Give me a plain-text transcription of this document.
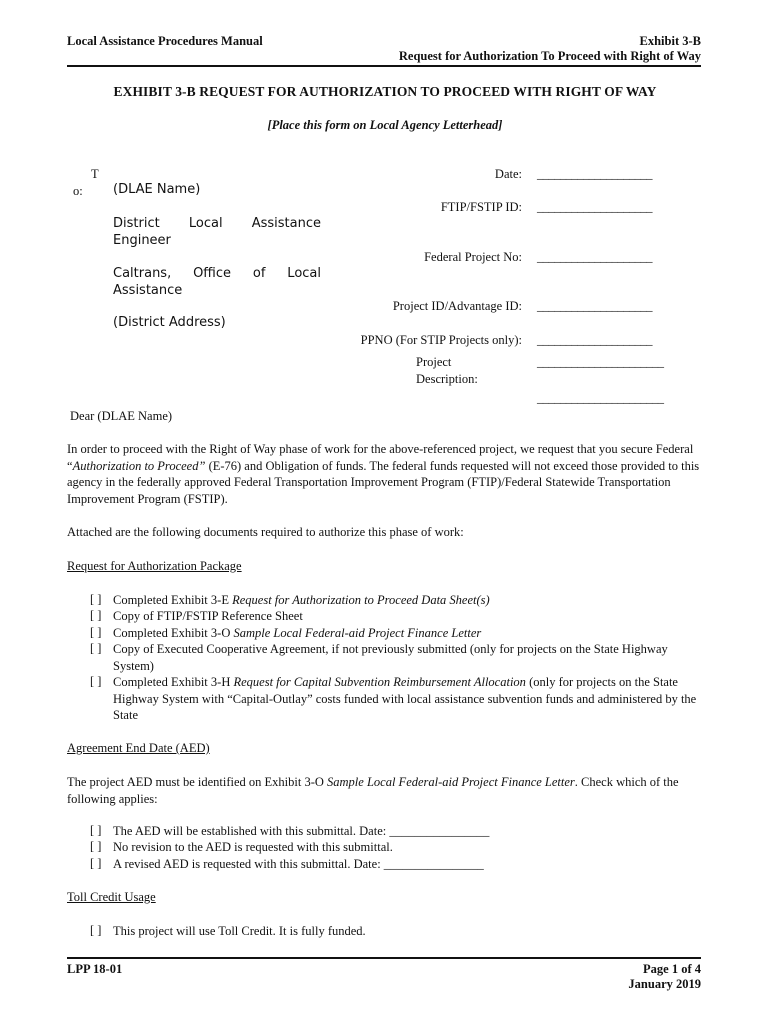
Local Assistance Procedures Manual	Exhibit 3-B
Request for Authorization To Proceed with Right of Way
EXHIBIT 3-B REQUEST FOR AUTHORIZATION TO PROCEED WITH RIGHT OF WAY
[Place this form on Local Agency Letterhead]
T
o: (DLAE Name)
District Local Assistance Engineer
Caltrans, Office of Local Assistance
(District Address)
Date: ____________________
FTIP/FSTIP ID: ____________________
Federal Project No: ____________________
Project ID/Advantage ID: ____________________
PPNO (For STIP Projects only): ____________________
Project
Description:
______________________
______________________
Dear (DLAE Name)
In order to proceed with the Right of Way phase of work for the above-referenced project, we request that you secure Federal “Authorization to Proceed” (E-76) and Obligation of funds. The federal funds requested will not exceed those provided to this agency in the federally approved Federal Transportation Improvement Program (FTIP)/Federal Statewide Transportation Improvement Program (FSTIP).
Attached are the following documents required to authorize this phase of work:
Request for Authorization Package
[ ] Completed Exhibit 3-E Request for Authorization to Proceed Data Sheet(s)
[ ] Copy of FTIP/FSTIP Reference Sheet
[ ] Completed Exhibit 3-O Sample Local Federal-aid Project Finance Letter
[ ] Copy of Executed Cooperative Agreement, if not previously submitted (only for projects on the State Highway System)
[ ] Completed Exhibit 3-H Request for Capital Subvention Reimbursement Allocation (only for projects on the State Highway System with “Capital-Outlay” costs funded with local assistance subvention funds and administered by the State
Agreement End Date (AED)
The project AED must be identified on Exhibit 3-O Sample Local Federal-aid Project Finance Letter. Check which of the following applies:
[ ] The AED will be established with this submittal. Date: ________________
[ ] No revision to the AED is requested with this submittal.
[ ] A revised AED is requested with this submittal. Date: ________________
Toll Credit Usage
[ ] This project will use Toll Credit. It is fully funded.
LPP 18-01	Page 1 of 4
January 2019
